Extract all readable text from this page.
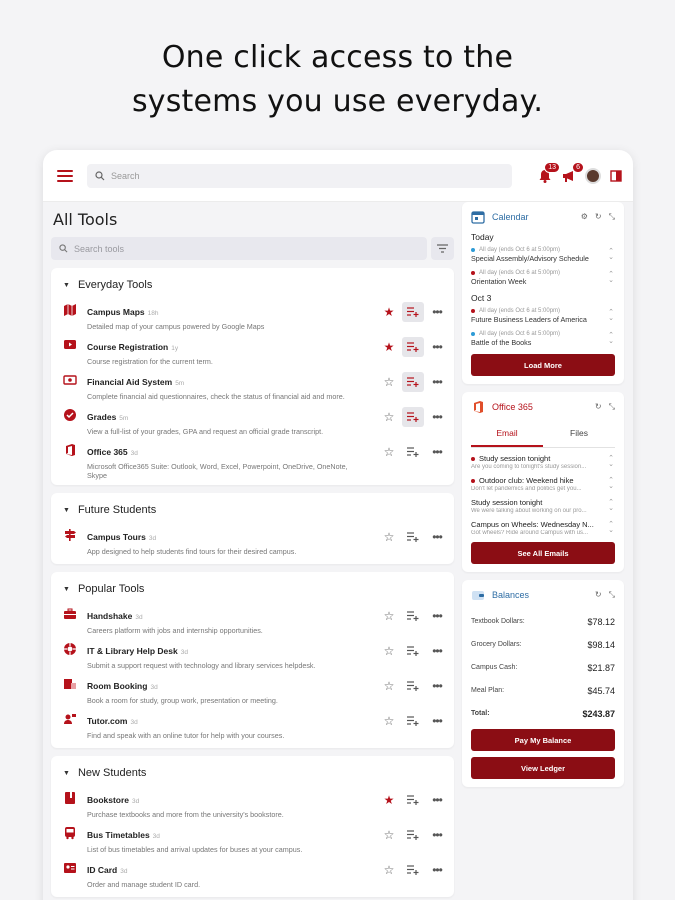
One click access to the
systems you use everyday.
Search
13	6
All Tools
Search tools
▼ Everyday Tools
Campus Maps 18h
Detailed map of your campus powered by Google Maps
★	•••
Course Registration 1y
Course registration for the current term.
★	•••
Financial Aid System 5m
Complete financial aid questionnaires, check the status of financial aid and more.
☆	•••
Grades 5m
View a full-list of your grades, GPA and request an official grade transcript.
☆	•••
Office 365 3d
Microsoft Office365 Suite: Outlook, Word, Excel, Powerpoint, OneDrive, OneNote, Skype
☆	•••
▼ Future Students
Campus Tours 3d
App designed to help students find tours for their desired campus.
☆	•••
▼ Popular Tools
Handshake 3d
Careers platform with jobs and internship opportunities.
☆	•••
IT & Library Help Desk 3d
Submit a support request with technology and library services helpdesk.
☆	•••
Room Booking 3d
Book a room for study, group work, presentation or meeting.
☆	•••
Tutor.com 3d
Find and speak with an online tutor for help with your courses.
☆	•••
▼ New Students
Bookstore 3d
Purchase textbooks and more from the university's bookstore.
★	•••
Bus Timetables 3d
List of bus timetables and arrival updates for buses at your campus.
☆	•••
ID Card 3d
Order and manage student ID card.
☆	•••
Calendar	⚙ ↻ ⤡
Today
All day (ends Oct 6 at 5:00pm)
Special Assembly/Advisory Schedule
⌃
⌄
All day (ends Oct 6 at 5:00pm)
Orientation Week
⌃
⌄
Oct 3
All day (ends Oct 6 at 5:00pm)
Future Business Leaders of America
⌃
⌄
All day (ends Oct 6 at 5:00pm)
Battle of the Books
⌃
⌄
Load More
Office 365	↻ ⤡
Email	Files
Study session tonight
Are you coming to tonight's study session...
⌃
⌄
Outdoor club: Weekend hike
Don't let pandemics and politics get you...
⌃
⌄
Study session tonight
We were talking about working on our pro...
⌃
⌄
Campus on Wheels: Wednesday N...
Got wheels? Ride around Campus with us...
⌃
⌄
See All Emails
Balances	↻ ⤡
Textbook Dollars:	$78.12
Grocery Dollars:	$98.14
Campus Cash:	$21.87
Meal Plan:	$45.74
Total:	$243.87
Pay My Balance
View Ledger
